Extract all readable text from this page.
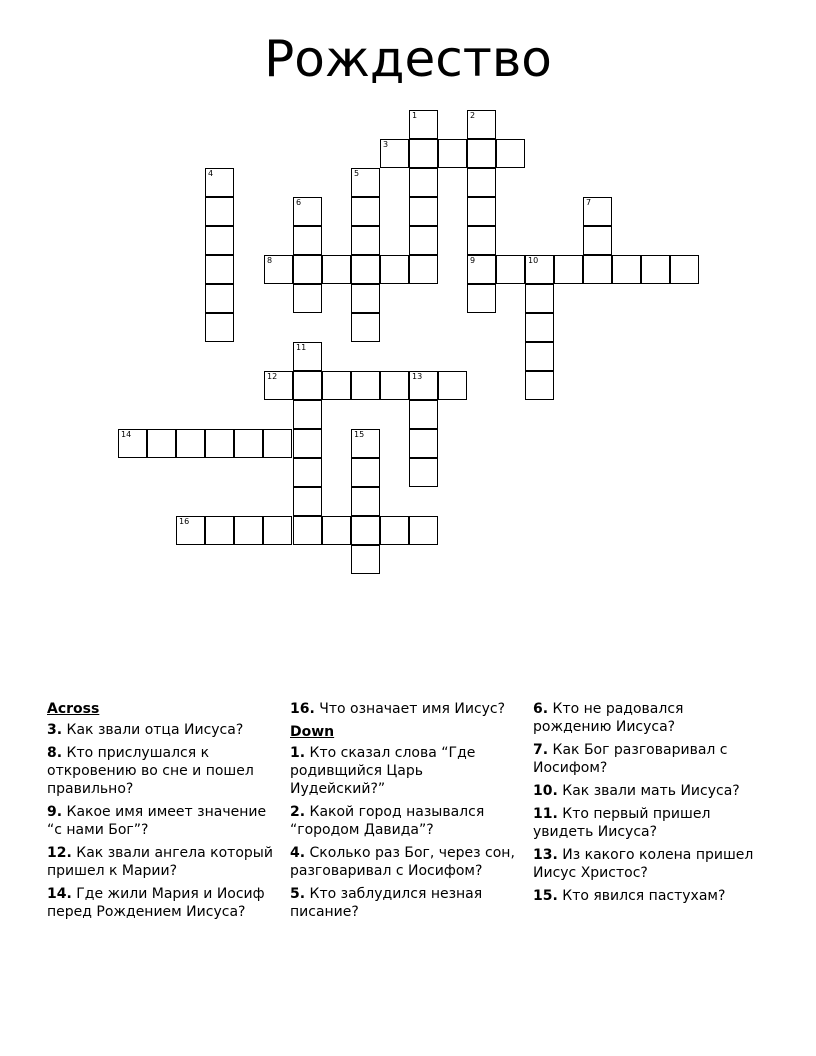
Рождество
1	2
3
4	5
6	7
8	9	10
11
12	13
14	15
16
Across
3. Как звали отца Иисуса?
8. Кто прислушался к откровению во сне и пошел правильно?
9. Какое имя имеет значение “с нами Бог”?
12. Как звали ангела который пришел к Марии?
14. Где жили Мария и Иосиф перед Рождением Иисуса?
16. Что означает имя Иисус?
Down
1. Кто сказал слова “Где родивщийся Царь Иудейский?”
2. Какой город назывался “городом Давида”?
4. Сколько раз Бог, через сон, разговаривал с Иосифом?
5. Кто заблудился незная писание?
6. Кто не радовался рождению Иисуса?
7. Как Бог разговаривал с Иосифом?
10. Как звали мать Иисуса?
11. Кто первый пришел увидеть Иисуса?
13. Из какого колена пришел Иисус Христос?
15. Кто явился пастухам?
